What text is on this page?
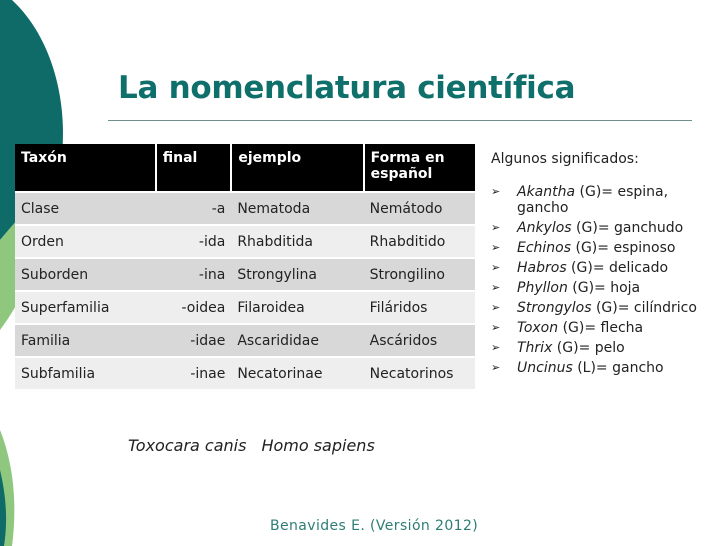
La nomenclatura científica
Taxón	final	ejemplo	Forma en español
Clase	-a	Nematoda	Nemátodo
Orden	-ida	Rhabditida	Rhabditido
Suborden	-ina	Strongylina	Strongilino
Superfamilia	-oidea	Filaroidea	Filáridos
Familia	-idae	Ascarididae	Ascáridos
Subfamilia	-inae	Necatorinae	Necatorinos
Algunos significados:
➢ Akantha (G)= espina, gancho
➢ Ankylos (G)= ganchudo
➢ Echinos (G)= espinoso
➢ Habros (G)= delicado
➢ Phyllon (G)= hoja
➢ Strongylos (G)= cilíndrico
➢ Toxon (G)= flecha
➢ Thrix (G)= pelo
➢ Uncinus (L)= gancho
Toxocara canis Homo sapiens
Benavides E. (Versión 2012)
